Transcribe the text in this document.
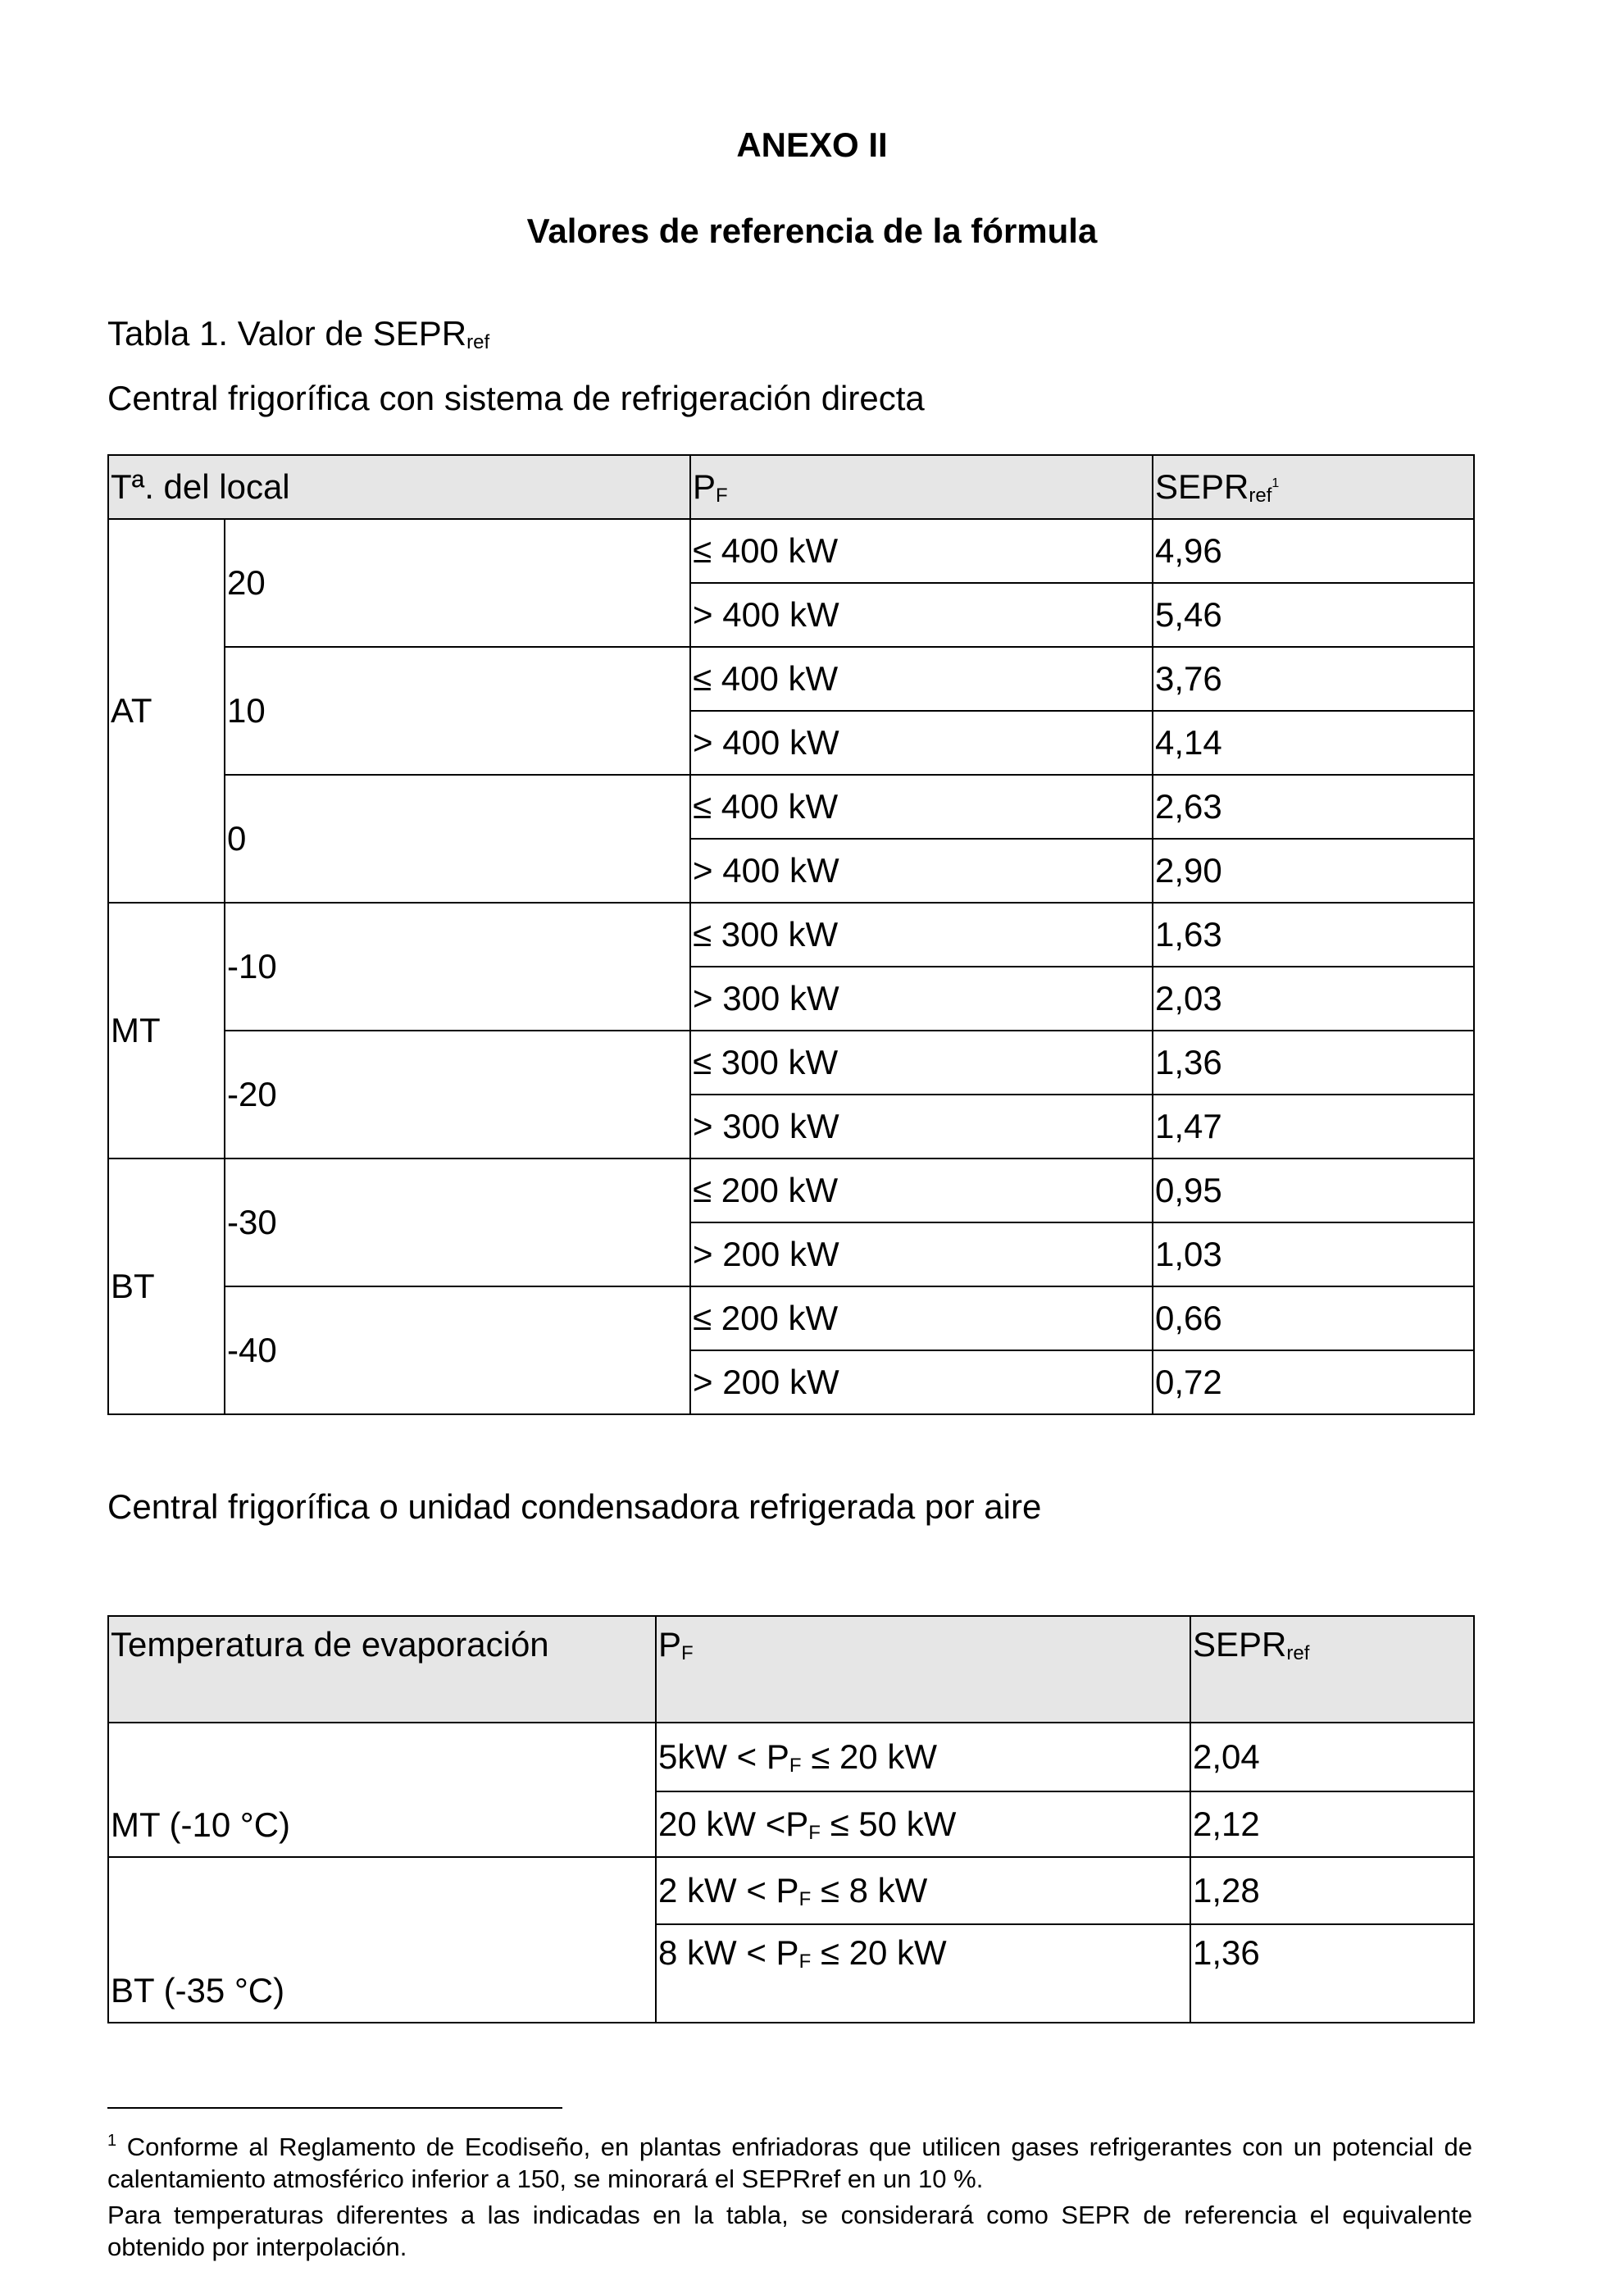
ANEXO II
Valores de referencia de la fórmula
Tabla 1. Valor de $SEPR_{ref}$
Central frigorífica con sistema de refrigeración directa
Tª. del local		$P_F$	$SEPR_{ref}^1$
AT	20	≤ 400 kW	4,96
		> 400 kW	5,46
	10	≤ 400 kW	3,76
		> 400 kW	4,14
	0	≤ 400 kW	2,63
		> 400 kW	2,90
MT	-10	≤ 300 kW	1,63
		> 300 kW	2,03
	-20	≤ 300 kW	1,36
		> 300 kW	1,47
BT	-30	≤ 200 kW	0,95
		> 200 kW	1,03
	-40	≤ 200 kW	0,66
		> 200 kW	0,72
Central frigorífica o unidad condensadora refrigerada por aire
Temperatura de evaporación	$P_F$	$SEPR_{ref}$
MT (-10 °C)	$5kW < P_F \le 20$ kW	2,04
	20 kW $<P_F \le 50$ kW	2,12
BT (-35 °C)	2 kW < $P_F \le 8$ kW	1,28
	8 kW < $P_F \le 20$ kW	1,36
$^1$ Conforme al Reglamento de Ecodiseño, en plantas enfriadoras que utilicen gases refrigerantes con un potencial de calentamiento atmosférico inferior a 150, se minorará el SEPRref en un 10 %.
Para temperaturas diferentes a las indicadas en la tabla, se considerará como SEPR de referencia el equivalente obtenido por interpolación.
